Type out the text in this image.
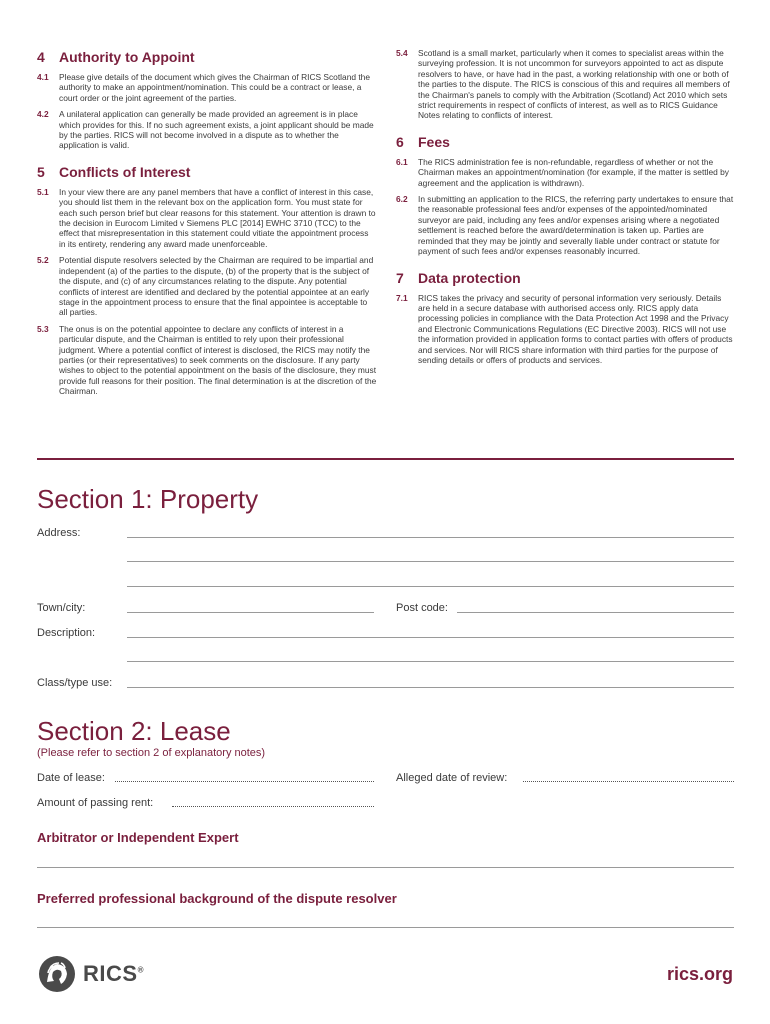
4	Authority to Appoint
4.1	Please give details of the document which gives the Chairman of RICS Scotland the authority to make an appointment/nomination. This could be a contract or lease, a court order or the joint agreement of the parties.
4.2	A unilateral application can generally be made provided an agreement is in place which provides for this. If no such agreement exists, a joint applicant should be made by the parties. RICS will not become involved in a dispute as to whether the application is valid.
5	Conflicts of Interest
5.1	In your view there are any panel members that have a conflict of interest in this case, you should list them in the relevant box on the application form. You must state for each such person brief but clear reasons for this statement. Your attention is drawn to the decision in Eurocom Limited v Siemens PLC [2014] EWHC 3710 (TCC) to the effect that misrepresentation in this statement could vitiate the appointment process in its entirety, rendering any award made unenforceable.
5.2	Potential dispute resolvers selected by the Chairman are required to be impartial and independent (a) of the parties to the dispute, (b) of the property that is the subject of the dispute, and (c) of any circumstances relating to the dispute. Any potential conflicts of interest are identified and declared by the potential appointee at an early stage in the appointment process to ensure that the final appointee is acceptable to all parties.
5.3	The onus is on the potential appointee to declare any conflicts of interest in a particular dispute, and the Chairman is entitled to rely upon their professional judgment. Where a potential conflict of interest is disclosed, the RICS may notify the parties (or their representatives) to seek comments on the disclosure. If any party wishes to object to the potential appointment on the basis of the disclosure, they must provide full reasons for their position. The final determination is at the discretion of the Chairman.
5.4	Scotland is a small market, particularly when it comes to specialist areas within the surveying profession. It is not uncommon for surveyors appointed to act as dispute resolvers to have, or have had in the past, a working relationship with one or both of the parties to the dispute. The RICS is conscious of this and requires all members of the Chairman's panels to comply with the Arbitration (Scotland) Act 2010 which sets strict requirements in respect of conflicts of interest, as well as to RICS Guidance Notes relating to conflicts of interest.
6	Fees
6.1	The RICS administration fee is non-refundable, regardless of whether or not the Chairman makes an appointment/nomination (for example, if the matter is settled by agreement and the application is withdrawn).
6.2	In submitting an application to the RICS, the referring party undertakes to ensure that the reasonable professional fees and/or expenses of the appointed/nominated surveyor are paid, including any fees and/or expenses arising where a negotiated settlement is reached before the award/determination is taken up. Parties are reminded that they may be jointly and severally liable under contract or statute for payment of such fees and/or expenses reasonably incurred.
7	Data protection
7.1	RICS takes the privacy and security of personal information very seriously. Details are held in a secure database with authorised access only. RICS apply data processing policies in compliance with the Data Protection Act 1998 and the Privacy and Electronic Communications Regulations (EC Directive 2003). RICS will not use the information provided in application forms to contact parties with offers of products and services. Nor will RICS share information with third parties for the purpose of sending details or offers of products and services.
Section 1: Property
Address:
Town/city:	Post code:
Description:
Class/type use:
Section 2: Lease
(Please refer to section 2 of explanatory notes)
Date of lease:	Alleged date of review:
Amount of passing rent:
Arbitrator or Independent Expert
Preferred professional background of the dispute resolver
RICS®	rics.org
